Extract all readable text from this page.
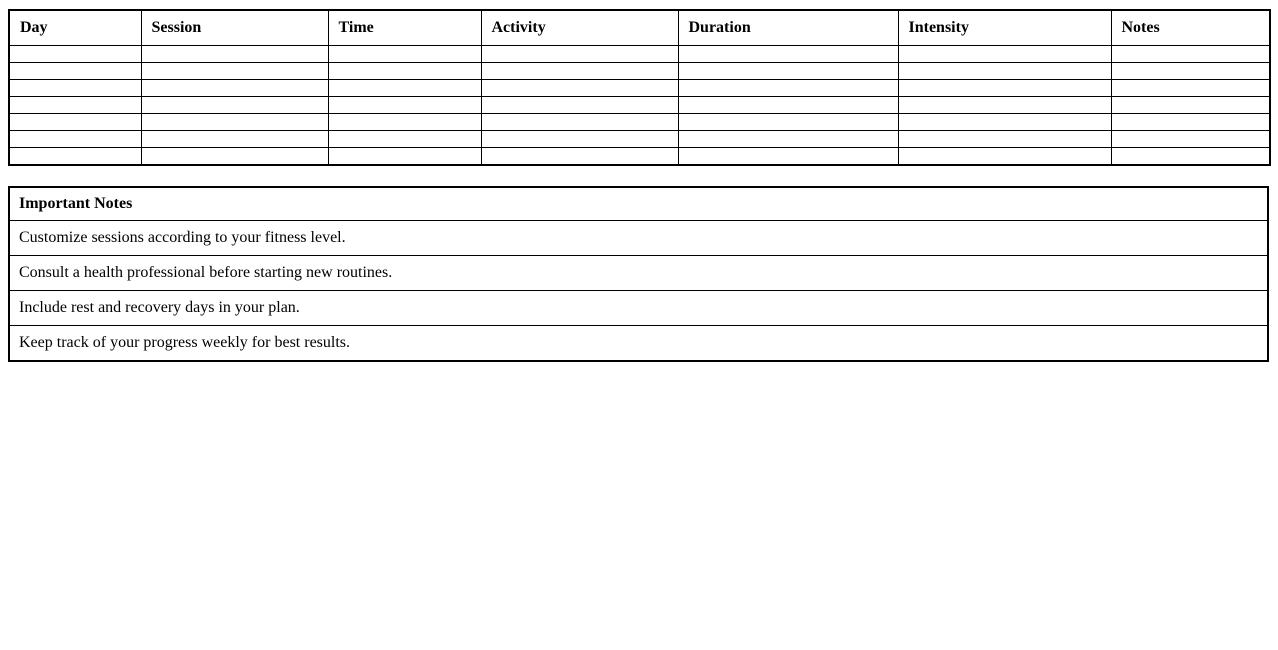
Day	Session	Time	Activity	Duration	Intensity	Notes

Important Notes
Customize sessions according to your fitness level.
Consult a health professional before starting new routines.
Include rest and recovery days in your plan.
Keep track of your progress weekly for best results.
